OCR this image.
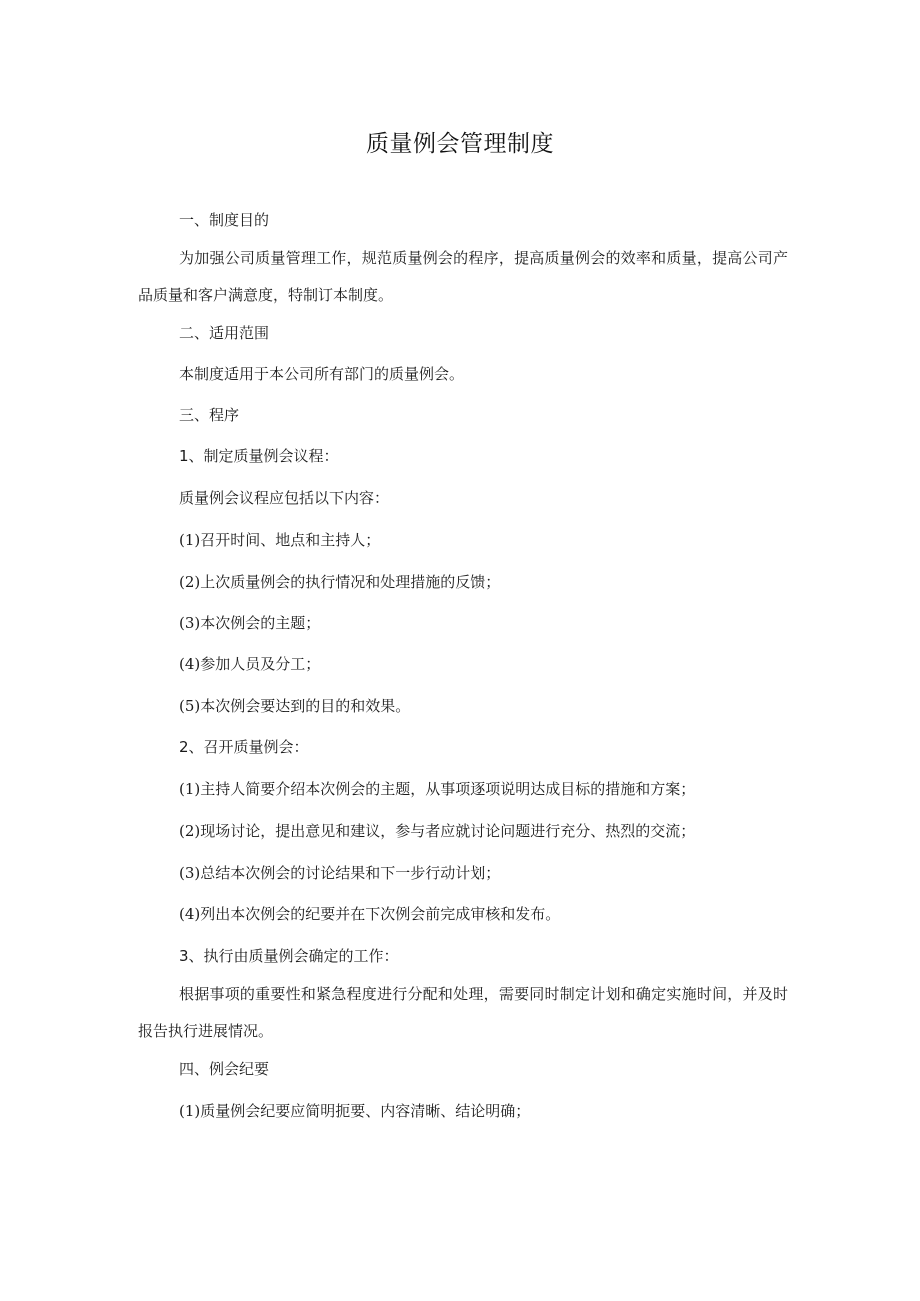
质量例会管理制度
一、制度目的
为加强公司质量管理工作，规范质量例会的程序，提高质量例会的效率和质量，提高公司产品质量和客户满意度，特制订本制度。
二、适用范围
本制度适用于本公司所有部门的质量例会。
三、程序
1、制定质量例会议程：
质量例会议程应包括以下内容：
(1)召开时间、地点和主持人；
(2)上次质量例会的执行情况和处理措施的反馈；
(3)本次例会的主题；
(4)参加人员及分工；
(5)本次例会要达到的目的和效果。
2、召开质量例会：
(1)主持人简要介绍本次例会的主题，从事项逐项说明达成目标的措施和方案；
(2)现场讨论，提出意见和建议，参与者应就讨论问题进行充分、热烈的交流；
(3)总结本次例会的讨论结果和下一步行动计划；
(4)列出本次例会的纪要并在下次例会前完成审核和发布。
3、执行由质量例会确定的工作：
根据事项的重要性和紧急程度进行分配和处理，需要同时制定计划和确定实施时间，并及时报告执行进展情况。
四、例会纪要
(1)质量例会纪要应简明扼要、内容清晰、结论明确；
